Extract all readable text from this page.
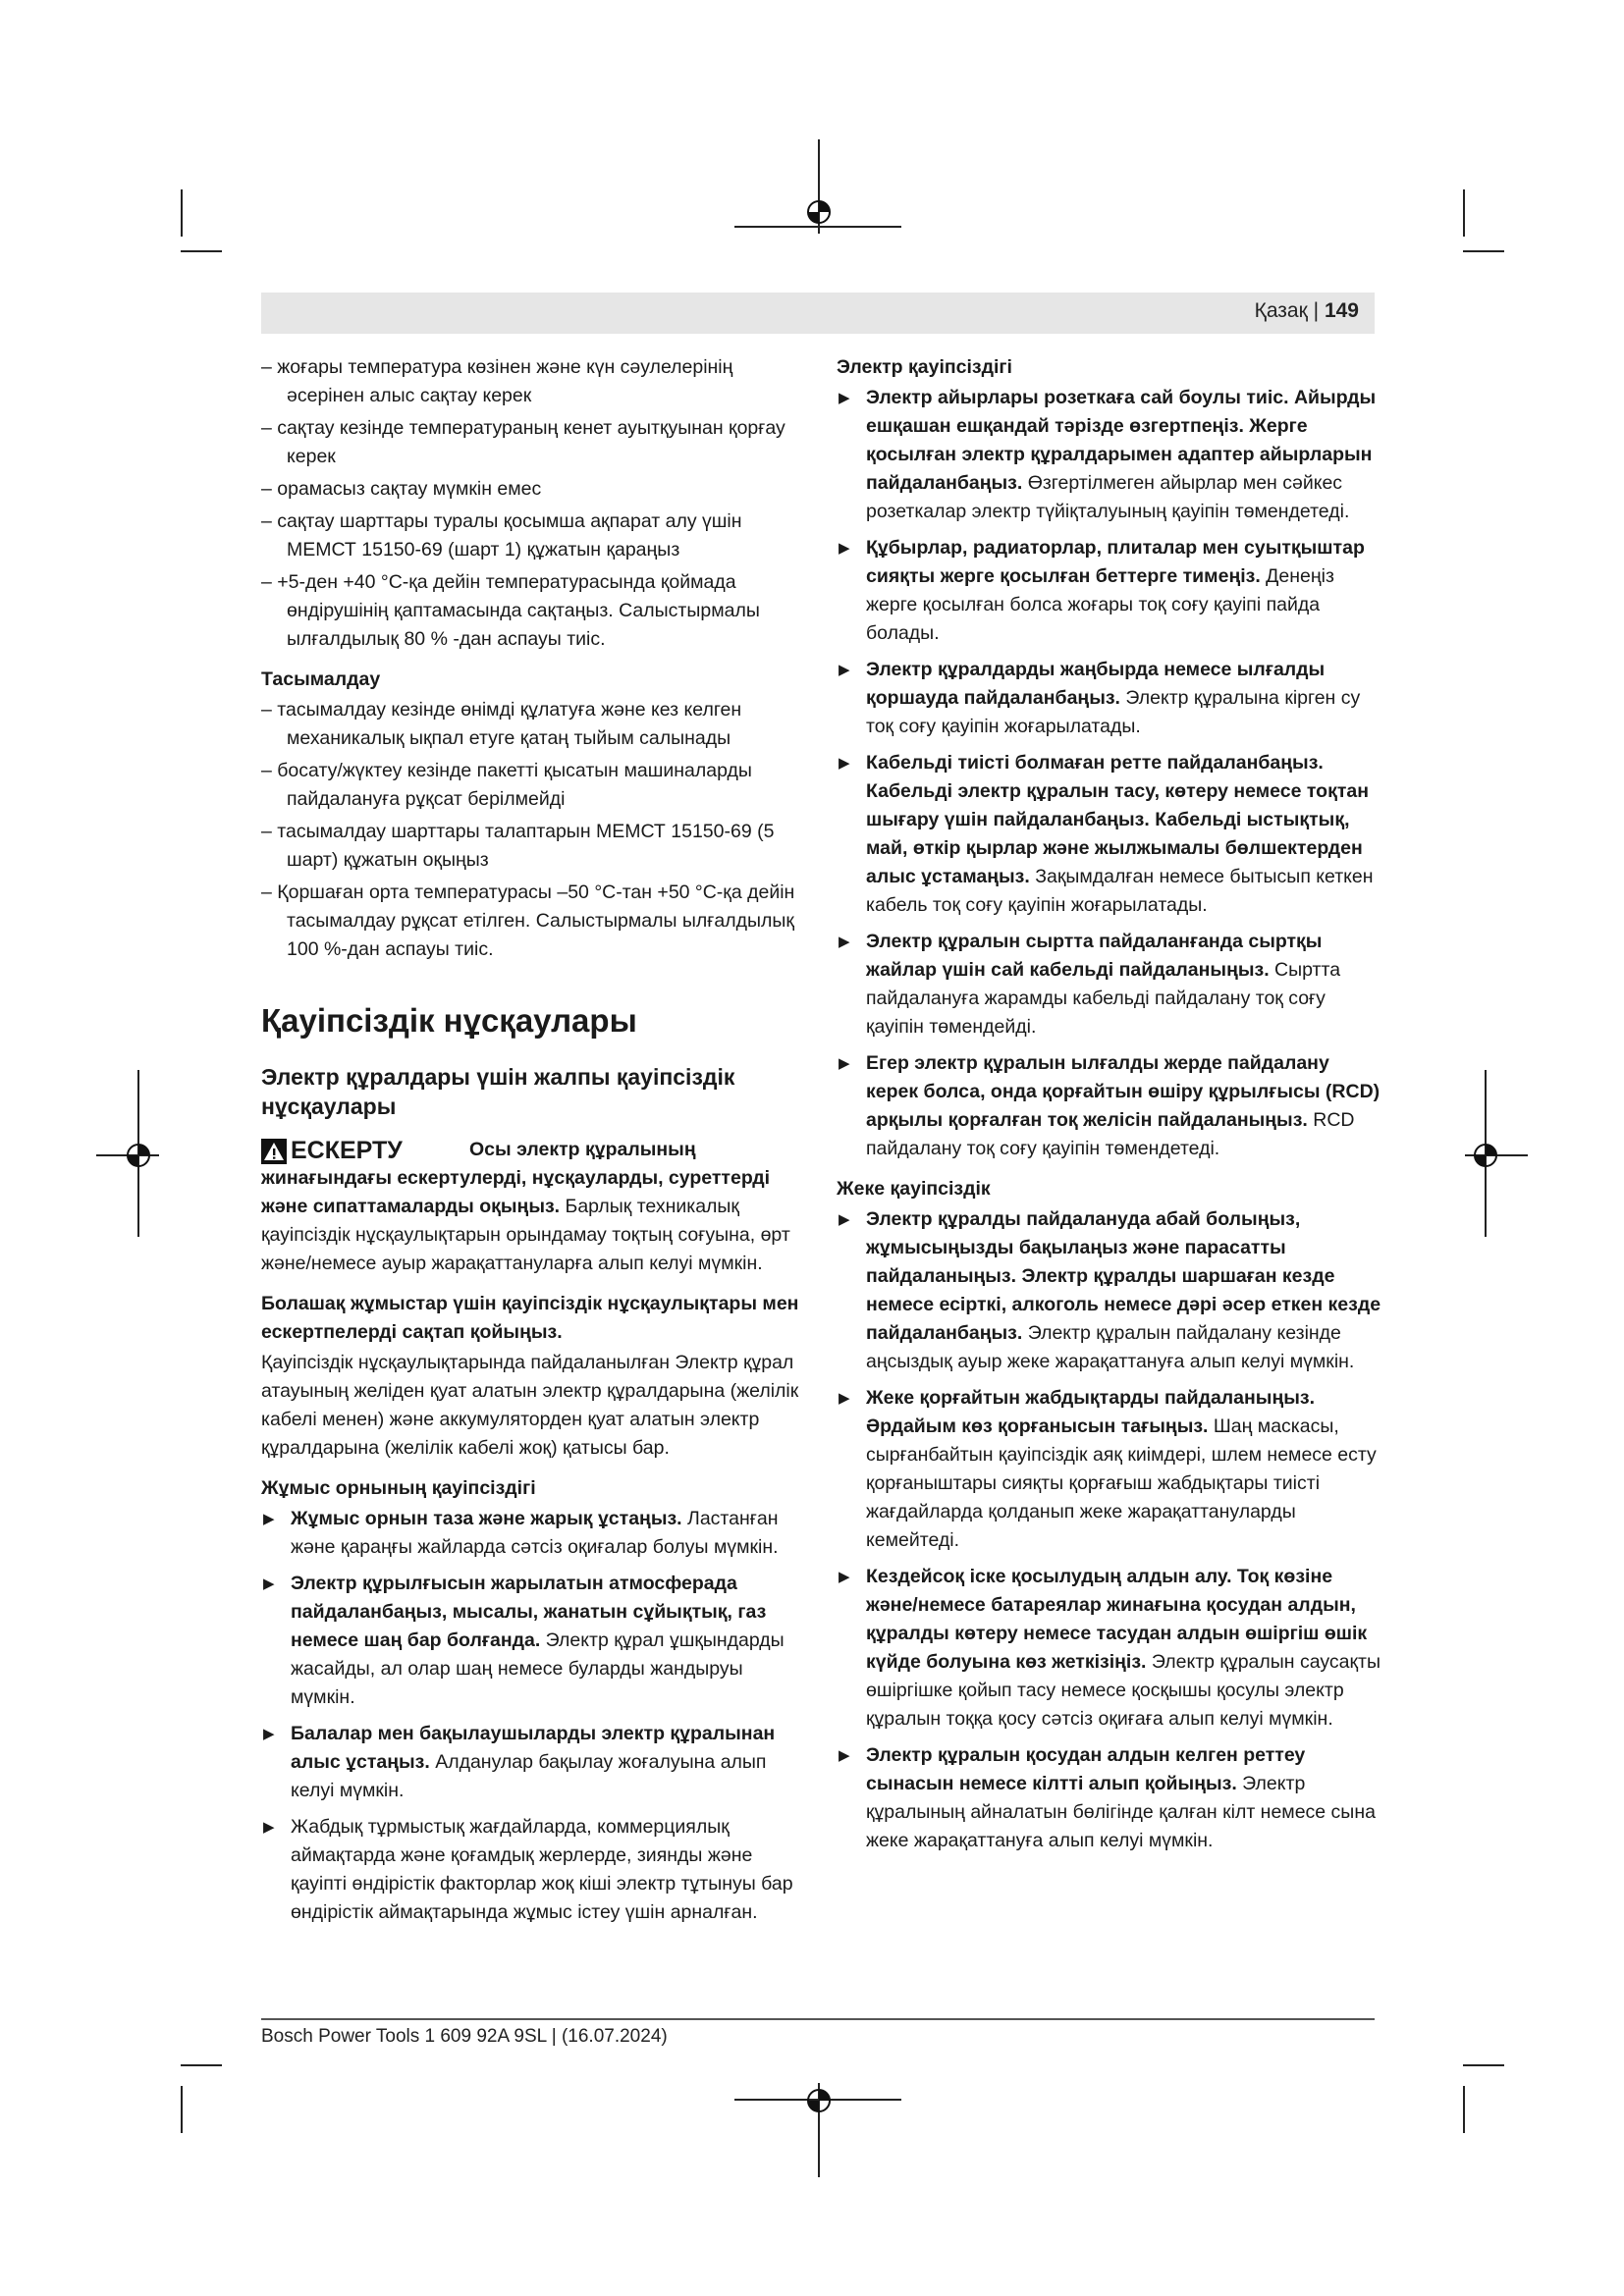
Қазақ | 149
– жоғары температура көзінен және күн сәулелерінің әсерінен алыс сақтау керек
– сақтау кезінде температураның кенет ауытқуынан қорғау керек
– орамасыз сақтау мүмкін емес
– сақтау шарттары туралы қосымша ақпарат алу үшін МЕМСТ 15150-69 (шарт 1) құжатын қараңыз
– +5-ден +40 °C-қа дейін температурасында қоймада өндірушінің қаптамасында сақтаңыз. Салыстырмалы ылғалдылық 80 % -дан аспауы тиіс.
Тасымалдау
– тасымалдау кезінде өнімді құлатуға және кез келген механикалық ықпал етуге қатаң тыйым салынады
– босату/жүктеу кезінде пакетті қысатын машиналарды пайдалануға рұқсат берілмейді
– тасымалдау шарттары талаптарын МЕМСТ 15150-69 (5 шарт) құжатын оқыңыз
– Қоршаған орта температурасы –50 °C-тан +50 °C-қа дейін тасымалдау рұқсат етілген. Салыстырмалы ылғалдылық 100 %-дан аспауы тиіс.
Қауіпсіздік нұсқаулары
Электр құралдары үшін жалпы қауіпсіздік нұсқаулары
ЕСКЕРТУ	Осы электр құралының жинағындағы ескертулерді, нұсқауларды, суреттерді және сипаттамаларды оқыңыз. Барлық техникалық қауіпсіздік нұсқаулықтарын орындамау тоқтың соғуына, өрт және/немесе ауыр жарақаттануларға алып келуі мүмкін.
Болашақ жұмыстар үшін қауіпсіздік нұсқаулықтары мен ескертпелерді сақтап қойыңыз.
Қауіпсіздік нұсқаулықтарында пайдаланылған Электр құрал атауының желіден қуат алатын электр құралдарына (желілік кабелі менен) және аккумуляторден қуат алатын электр құралдарына (желілік кабелі жоқ) қатысы бар.
Жұмыс орнының қауіпсіздігі
▶ Жұмыс орнын таза және жарық ұстаңыз. Ластанған және қараңғы жайларда сәтсіз оқиғалар болуы мүмкін.
▶ Электр құрылғысын жарылатын атмосферада пайдаланбаңыз, мысалы, жанатын сұйықтық, газ немесе шаң бар болғанда. Электр құрал ұшқындарды жасайды, ал олар шаң немесе буларды жандыруы мүмкін.
▶ Балалар мен бақылаушыларды электр құралынан алыс ұстаңыз. Алданулар бақылау жоғалуына алып келуі мүмкін.
▶ Жабдық тұрмыстық жағдайларда, коммерциялық аймақтарда және қоғамдық жерлерде, зиянды және қауіпті өндірістік факторлар жоқ кіші электр тұтынуы бар өндірістік аймақтарында жұмыс істеу үшін арналған.
Электр қауіпсіздігі
▶ Электр айырлары розеткаға сай боулы тиіс. Айырды ешқашан ешқандай тәрізде өзгертпеңіз. Жерге қосылған электр құралдарымен адаптер айырларын пайдаланбаңыз. Өзгертілмеген айырлар мен сәйкес розеткалар электр түйіқталуының қауіпін төмендетеді.
▶ Құбырлар, радиаторлар, плиталар мен суытқыштар сияқты жерге қосылған беттерге тимеңіз. Денеңіз жерге қосылған болса жоғары тоқ соғу қауіпі пайда болады.
▶ Электр құралдарды жаңбырда немесе ылғалды қоршауда пайдаланбаңыз. Электр құралына кірген су тоқ соғу қауіпін жоғарылатады.
▶ Кабельді тиісті болмаған ретте пайдаланбаңыз. Кабельді электр құралын тасу, көтеру немесе тоқтан шығару үшін пайдаланбаңыз. Кабельді ыстықтық, май, өткір қырлар және жылжымалы бөлшектерден алыс ұстамаңыз. Зақымдалған немесе бытысып кеткен кабель тоқ соғу қауіпін жоғарылатады.
▶ Электр құралын сыртта пайдаланғанда сыртқы жайлар үшін сай кабельді пайдаланыңыз. Сыртта пайдалануға жарамды кабельді пайдалану тоқ соғу қауіпін төмендейді.
▶ Егер электр құралын ылғалды жерде пайдалану керек болса, онда қорғайтын өшіру құрылғысы (RCD) арқылы қорғалған тоқ желісін пайдаланыңыз. RCD пайдалану тоқ соғу қауіпін төмендетеді.
Жеке қауіпсіздік
▶ Электр құралды пайдалануда абай болыңыз, жұмысыңызды бақылаңыз және парасатты пайдаланыңыз. Электр құралды шаршаған кезде немесе есірткі, алкоголь немесе дәрі әсер еткен кезде пайдаланбаңыз. Электр құралын пайдалану кезінде аңсыздық ауыр жеке жарақаттануға алып келуі мүмкін.
▶ Жеке қорғайтын жабдықтарды пайдаланыңыз. Әрдайым көз қорғанысын тағыңыз. Шаң маскасы, сырғанбайтын қауіпсіздік аяқ киімдері, шлем немесе есту қорғаныштары сияқты қорғағыш жабдықтары тиісті жағдайларда қолданып жеке жарақаттануларды кемейтеді.
▶ Кездейсоқ іске қосылудың алдын алу. Тоқ көзіне және/немесе батареялар жинағына қосудан алдын, құралды көтеру немесе тасудан алдын өшіргіш өшік күйде болуына көз жеткізіңіз. Электр құралын саусақты өшіргішке қойып тасу немесе қосқышы қосулы электр құралын тоққа қосу сәтсіз оқиғаға алып келуі мүмкін.
▶ Электр құралын қосудан алдын келген реттеу сынасын немесе кілтті алып қойыңыз. Электр құралының айналатын бөлігінде қалған кілт немесе сына жеке жарақаттануға алып келуі мүмкін.
Bosch Power Tools 1 609 92A 9SL | (16.07.2024)
